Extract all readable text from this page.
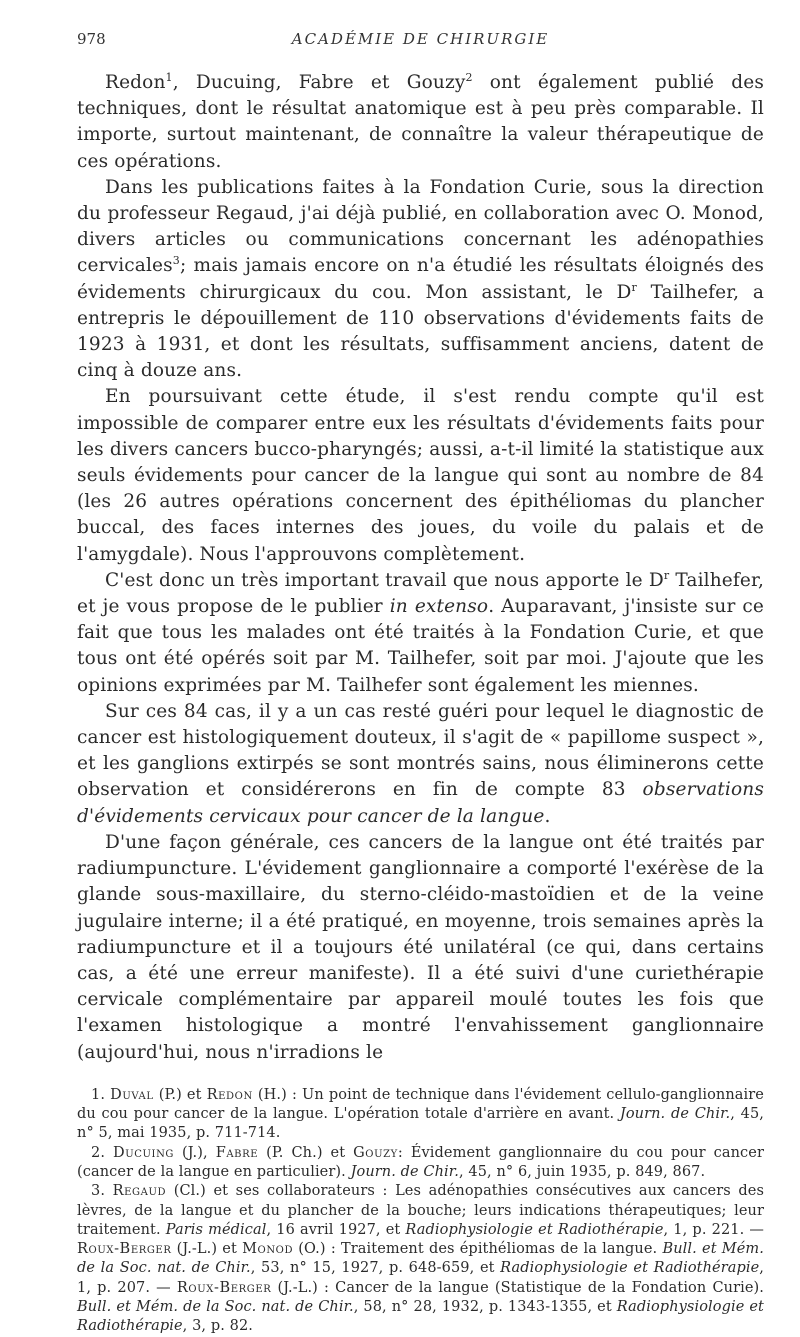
978	ACADÉMIE DE CHIRURGIE

Redon$^1$, Ducuing, Fabre et Gouzy$^2$ ont également publié des techniques, dont le résultat anatomique est à peu près comparable. Il importe, surtout maintenant, de connaître la valeur thérapeutique de ces opérations.

Dans les publications faites à la Fondation Curie, sous la direction du professeur Regaud, j'ai déjà publié, en collaboration avec O. Monod, divers articles ou communications concernant les adénopathies cervicales$^3$; mais jamais encore on n'a étudié les résultats éloignés des évidements chirurgicaux du cou. Mon assistant, le $D^r$ Tailhefer, a entrepris le dépouillement de 110 observations d'évidements faits de 1923 à 1931, et dont les résultats, suffisamment anciens, datent de cinq à douze ans.

En poursuivant cette étude, il s'est rendu compte qu'il est impossible de comparer entre eux les résultats d'évidements faits pour les divers cancers bucco-pharyngés; aussi, a-t-il limité la statistique aux seuls évidements pour cancer de la langue qui sont au nombre de 84 (les 26 autres opérations concernent des épithéliomas du plancher buccal, des faces internes des joues, du voile du palais et de l'amygdale). Nous l'approuvons complètement.

C'est donc un très important travail que nous apporte le $D^r$ Tailhefer, et je vous propose de le publier in extenso. Auparavant, j'insiste sur ce fait que tous les malades ont été traités à la Fondation Curie, et que tous ont été opérés soit par M. Tailhefer, soit par moi. J'ajoute que les opinions exprimées par M. Tailhefer sont également les miennes.

Sur ces 84 cas, il y a un cas resté guéri pour lequel le diagnostic de cancer est histologiquement douteux, il s'agit de « papillome suspect », et les ganglions extirpés se sont montrés sains, nous éliminerons cette observation et considérerons en fin de compte 83 observations d'évidements cervicaux pour cancer de la langue.

D'une façon générale, ces cancers de la langue ont été traités par radiumpuncture. L'évidement ganglionnaire a comporté l'exérèse de la glande sous-maxillaire, du sterno-cléido-mastoïdien et de la veine jugulaire interne; il a été pratiqué, en moyenne, trois semaines après la radiumpuncture et il a toujours été unilatéral (ce qui, dans certains cas, a été une erreur manifeste). Il a été suivi d'une curiethérapie cervicale complémentaire par appareil moulé toutes les fois que l'examen histologique a montré l'envahissement ganglionnaire (aujourd'hui, nous n'irradions le

1. Duval (P.) et Redon (H.) : Un point de technique dans l'évidement cellulo-ganglionnaire du cou pour cancer de la langue. L'opération totale d'arrière en avant. Journ. de Chir., 45, n° 5, mai 1935, p. 711-714.

2. Ducuing (J.), Fabre (P. Ch.) et Gouzy: Évidement ganglionnaire du cou pour cancer (cancer de la langue en particulier). Journ. de Chir., 45, n° 6, juin 1935, p. 849, 867.

3. Regaud (Cl.) et ses collaborateurs : Les adénopathies consécutives aux cancers des lèvres, de la langue et du plancher de la bouche; leurs indications thérapeutiques; leur traitement. Paris médical, 16 avril 1927, et Radiophysiologie et Radiothérapie, 1, p. 221. — Roux-Berger (J.-L.) et Monod (O.) : Traitement des épithéliomas de la langue. Bull. et Mém. de la Soc. nat. de Chir., 53, n° 15, 1927, p. 648-659, et Radiophysiologie et Radiothérapie, 1, p. 207. — Roux-Berger (J.-L.) : Cancer de la langue (Statistique de la Fondation Curie). Bull. et Mém. de la Soc. nat. de Chir., 58, n° 28, 1932, p. 1343-1355, et Radiophysiologie et Radiothérapie, 3, p. 82.
